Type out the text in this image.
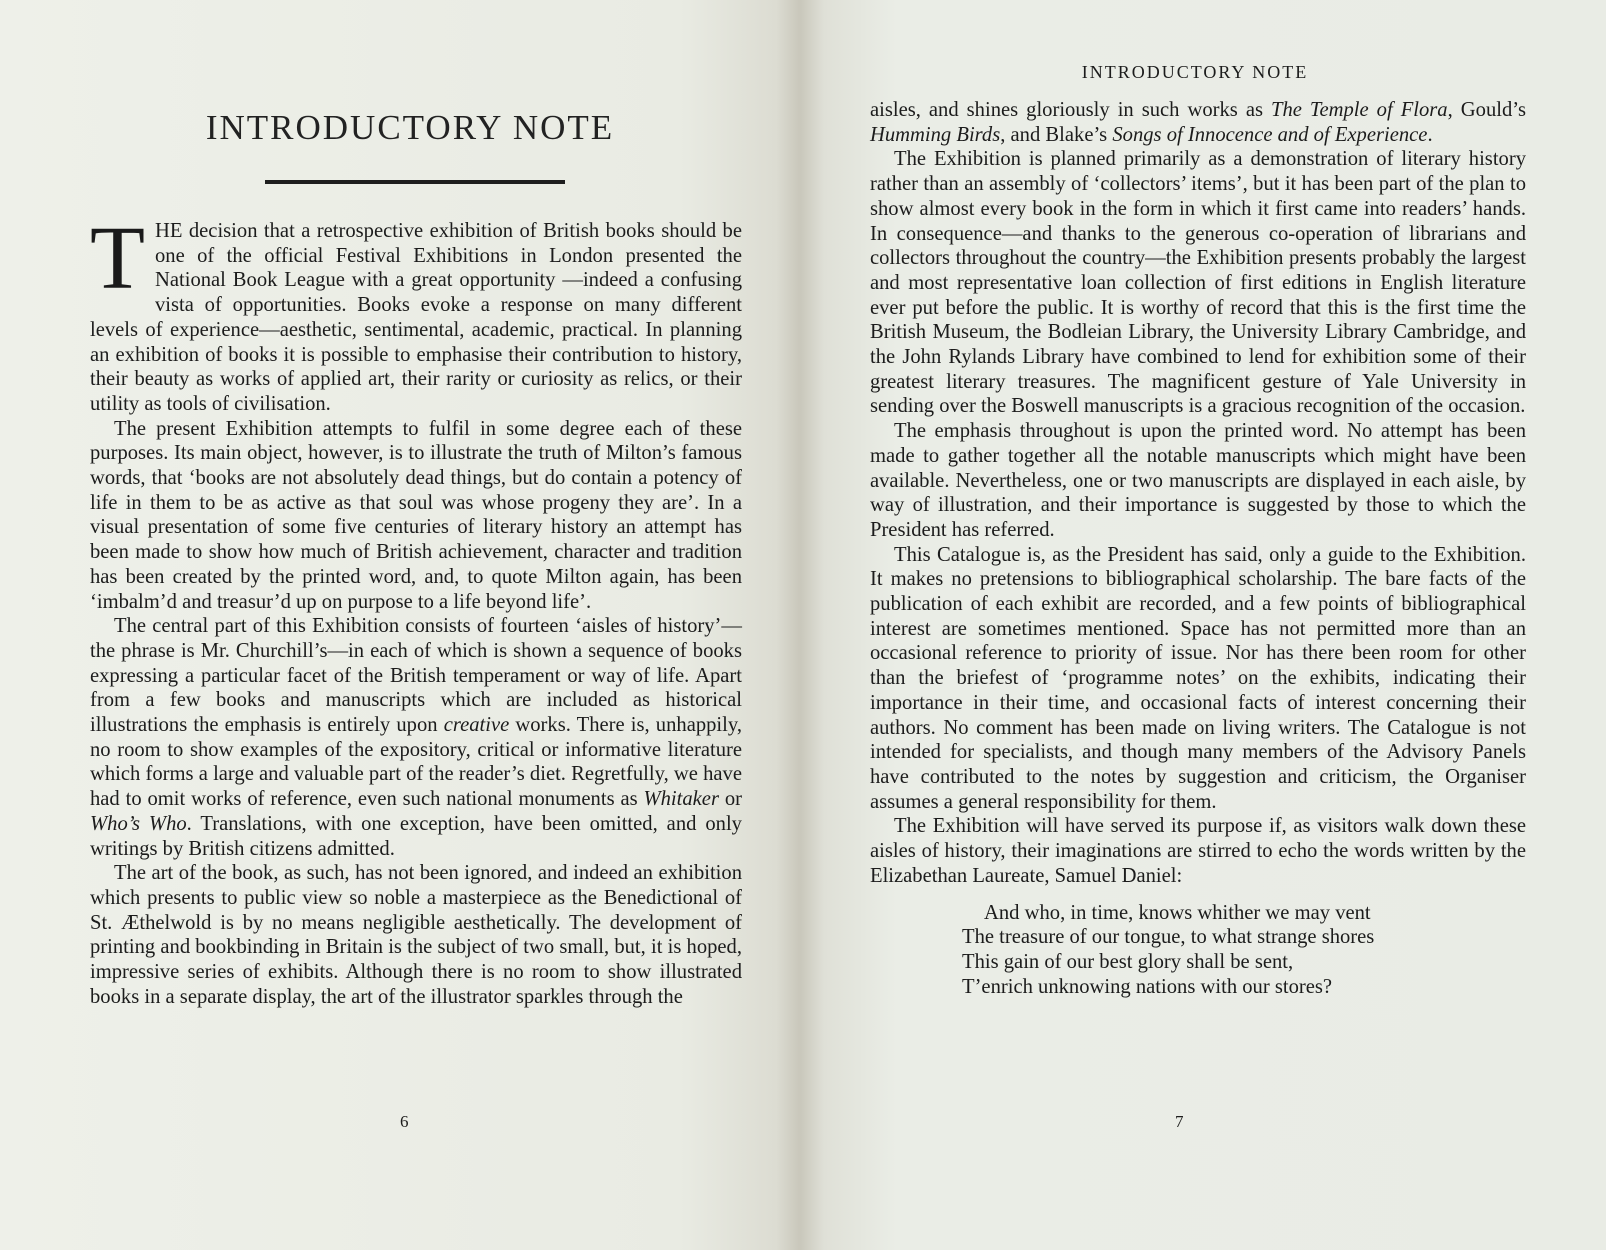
INTRODUCTORY NOTE

THE decision that a retrospective exhibition of British books should be one of the official Festival Exhibitions in London presented the National Book League with a great opportunity —indeed a confusing vista of opportunities. Books evoke a response on many different levels of experience—aesthetic, sentimental, academic, practical. In planning an exhibition of books it is possible to emphasise their contribution to history, their beauty as works of applied art, their rarity or curiosity as relics, or their utility as tools of civilisation.

The present Exhibition attempts to fulfil in some degree each of these purposes. Its main object, however, is to illustrate the truth of Milton’s famous words, that ‘books are not absolutely dead things, but do contain a potency of life in them to be as active as that soul was whose progeny they are’. In a visual presentation of some five centuries of literary history an attempt has been made to show how much of British achievement, character and tradition has been created by the printed word, and, to quote Milton again, has been ‘imbalm’d and treasur’d up on purpose to a life beyond life’.

The central part of this Exhibition consists of fourteen ‘aisles of history’—the phrase is Mr. Churchill’s—in each of which is shown a sequence of books expressing a particular facet of the British temperament or way of life. Apart from a few books and manuscripts which are included as historical illustrations the emphasis is entirely upon creative works. There is, unhappily, no room to show examples of the expository, critical or informative literature which forms a large and valuable part of the reader’s diet. Regretfully, we have had to omit works of reference, even such national monuments as Whitaker or Who’s Who. Translations, with one exception, have been omitted, and only writings by British citizens admitted.

The art of the book, as such, has not been ignored, and indeed an exhibition which presents to public view so noble a masterpiece as the Benedictional of St. Æthelwold is by no means negligible aesthetically. The development of printing and bookbinding in Britain is the subject of two small, but, it is hoped, impressive series of exhibits. Although there is no room to show illustrated books in a separate display, the art of the illustrator sparkles through the

6
INTRODUCTORY NOTE

aisles, and shines gloriously in such works as The Temple of Flora, Gould’s Humming Birds, and Blake’s Songs of Innocence and of Experience.

The Exhibition is planned primarily as a demonstration of literary history rather than an assembly of ‘collectors’ items’, but it has been part of the plan to show almost every book in the form in which it first came into readers’ hands. In consequence—and thanks to the generous co-operation of librarians and collectors throughout the country—the Exhibition presents probably the largest and most representative loan collection of first editions in English literature ever put before the public. It is worthy of record that this is the first time the British Museum, the Bodleian Library, the University Library Cambridge, and the John Rylands Library have combined to lend for exhibition some of their greatest literary treasures. The magnificent gesture of Yale University in sending over the Boswell manuscripts is a gracious recognition of the occasion.

The emphasis throughout is upon the printed word. No attempt has been made to gather together all the notable manuscripts which might have been available. Nevertheless, one or two manuscripts are displayed in each aisle, by way of illustration, and their importance is suggested by those to which the President has referred.

This Catalogue is, as the President has said, only a guide to the Exhibition. It makes no pretensions to bibliographical scholarship. The bare facts of the publication of each exhibit are recorded, and a few points of bibliographical interest are sometimes mentioned. Space has not permitted more than an occasional reference to priority of issue. Nor has there been room for other than the briefest of ‘programme notes’ on the exhibits, indicating their importance in their time, and occasional facts of interest concerning their authors. No comment has been made on living writers. The Catalogue is not intended for specialists, and though many members of the Advisory Panels have contributed to the notes by suggestion and criticism, the Organiser assumes a general responsibility for them.

The Exhibition will have served its purpose if, as visitors walk down these aisles of history, their imaginations are stirred to echo the words written by the Elizabethan Laureate, Samuel Daniel:

And who, in time, knows whither we may vent
The treasure of our tongue, to what strange shores
This gain of our best glory shall be sent,
T’enrich unknowing nations with our stores?
7
